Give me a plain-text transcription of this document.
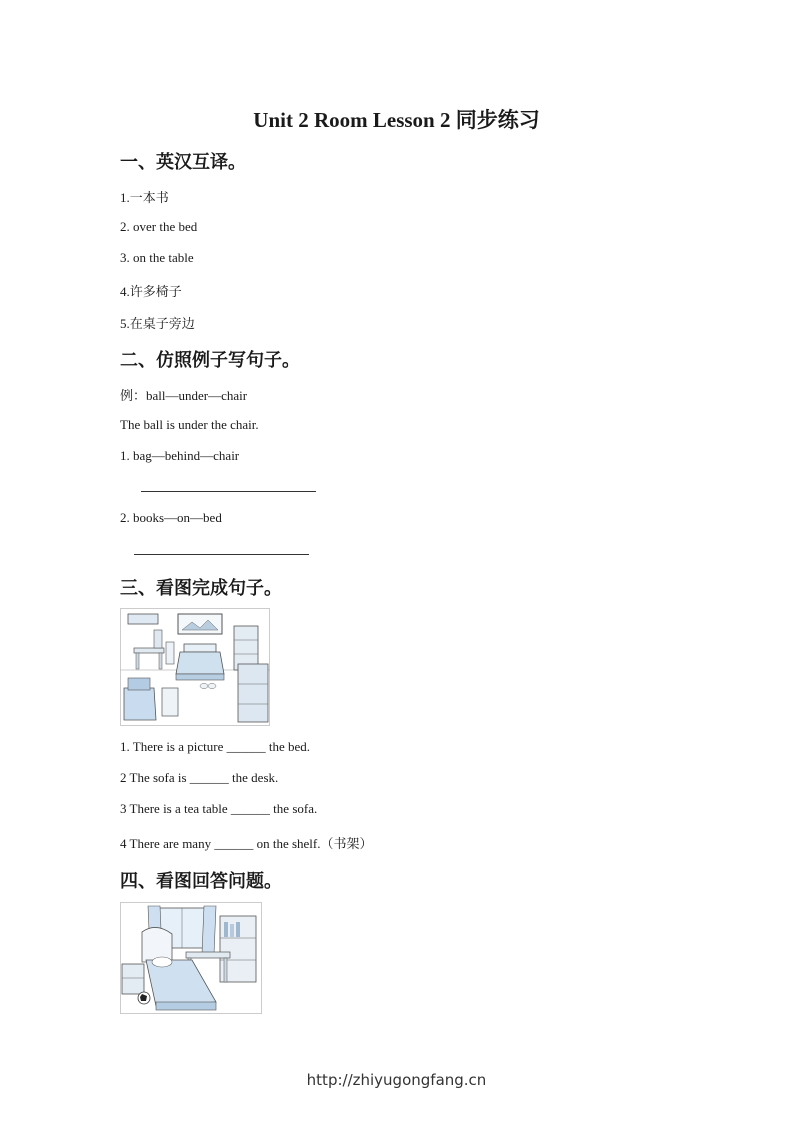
Unit 2 Room Lesson 2 同步练习
一、英汉互译。
1.一本书
2. over the bed
3. on the table
4.许多椅子
5.在桌子旁边
二、仿照例子写句子。
例：ball—under—chair
The ball is under the chair.
1. bag—behind—chair
2. books—on—bed
三、看图完成句子。
1. There is a picture ______ the bed.
2 The sofa is ______ the desk.
3 There is a tea table ______ the sofa.
4 There are many ______ on the shelf.（书架）
四、看图回答问题。
http://zhiyugongfang.cn
